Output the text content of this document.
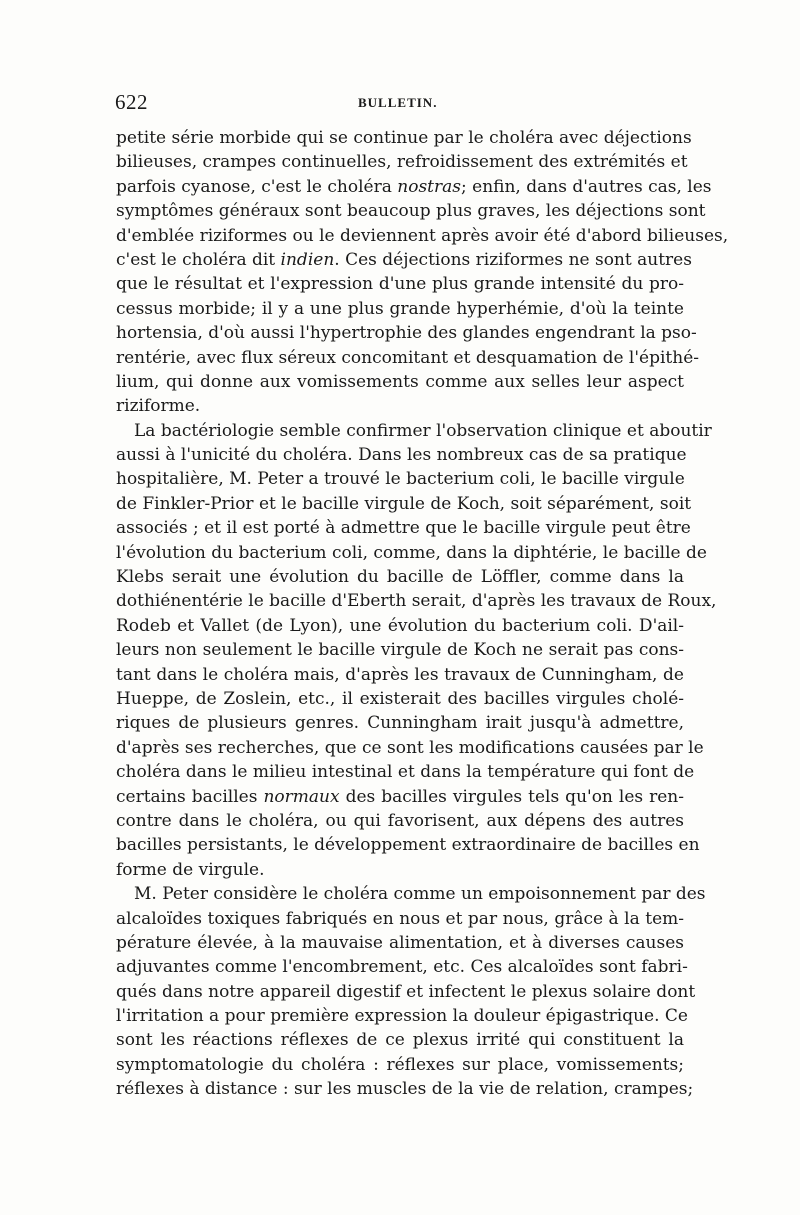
622	BULLETIN.
petite série morbide qui se continue par le choléra avec déjections
bilieuses, crampes continuelles, refroidissement des extrémités et
parfois cyanose, c'est le choléra nostras; enfin, dans d'autres cas, les
symptômes généraux sont beaucoup plus graves, les déjections sont
d'emblée riziformes ou le deviennent après avoir été d'abord bilieuses,
c'est le choléra dit indien. Ces déjections riziformes ne sont autres
que le résultat et l'expression d'une plus grande intensité du pro-
cessus morbide; il y a une plus grande hyperhémie, d'où la teinte
hortensia, d'où aussi l'hypertrophie des glandes engendrant la pso-
rentérie, avec flux séreux concomitant et desquamation de l'épithé-
lium, qui donne aux vomissements comme aux selles leur aspect
riziforme.
La bactériologie semble confirmer l'observation clinique et aboutir
aussi à l'unicité du choléra. Dans les nombreux cas de sa pratique
hospitalière, M. Peter a trouvé le bacterium coli, le bacille virgule
de Finkler-Prior et le bacille virgule de Koch, soit séparément, soit
associés ; et il est porté à admettre que le bacille virgule peut être
l'évolution du bacterium coli, comme, dans la diphtérie, le bacille de
Klebs serait une évolution du bacille de Löffler, comme dans la
dothiénentérie le bacille d'Eberth serait, d'après les travaux de Roux,
Rodeb et Vallet (de Lyon), une évolution du bacterium coli. D'ail-
leurs non seulement le bacille virgule de Koch ne serait pas cons-
tant dans le choléra mais, d'après les travaux de Cunningham, de
Hueppe, de Zoslein, etc., il existerait des bacilles virgules cholé-
riques de plusieurs genres. Cunningham irait jusqu'à admettre,
d'après ses recherches, que ce sont les modifications causées par le
choléra dans le milieu intestinal et dans la température qui font de
certains bacilles normaux des bacilles virgules tels qu'on les ren-
contre dans le choléra, ou qui favorisent, aux dépens des autres
bacilles persistants, le développement extraordinaire de bacilles en
forme de virgule.
M. Peter considère le choléra comme un empoisonnement par des
alcaloïdes toxiques fabriqués en nous et par nous, grâce à la tem-
pérature élevée, à la mauvaise alimentation, et à diverses causes
adjuvantes comme l'encombrement, etc. Ces alcaloïdes sont fabri-
qués dans notre appareil digestif et infectent le plexus solaire dont
l'irritation a pour première expression la douleur épigastrique. Ce
sont les réactions réflexes de ce plexus irrité qui constituent la
symptomatologie du choléra : réflexes sur place, vomissements;
réflexes à distance : sur les muscles de la vie de relation, crampes;
